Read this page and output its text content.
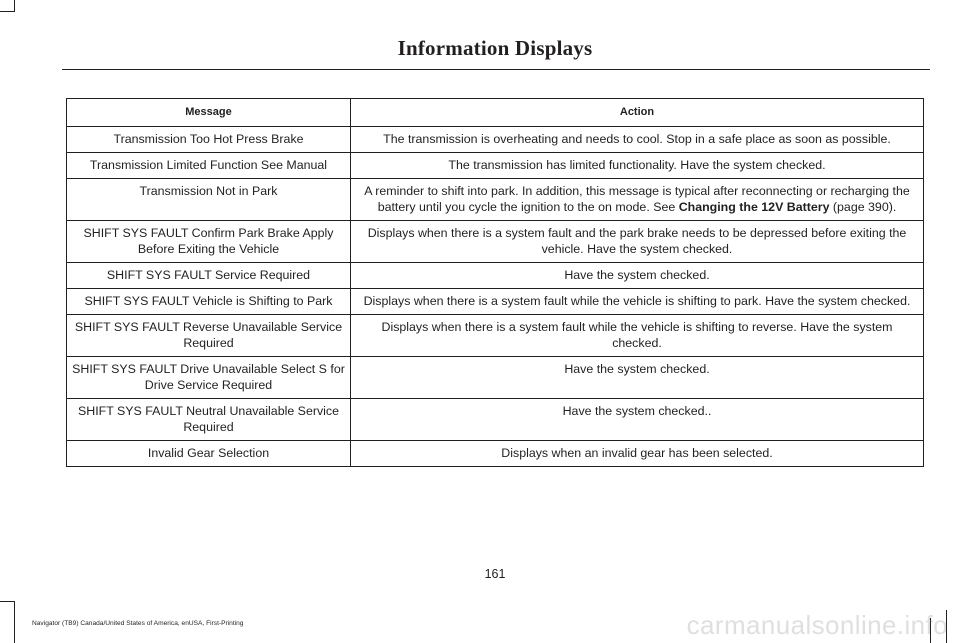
Information Displays
Message	Action
Transmission Too Hot Press Brake	The transmission is overheating and needs to cool. Stop in a safe place as soon as possible.
Transmission Limited Function See Manual	The transmission has limited functionality. Have the system checked.
Transmission Not in Park	A reminder to shift into park. In addition, this message is typical after reconnecting or recharging the battery until you cycle the ignition to the on mode. See Changing the 12V Battery (page 390).
SHIFT SYS FAULT Confirm Park Brake Apply Before Exiting the Vehicle	Displays when there is a system fault and the park brake needs to be depressed before exiting the vehicle. Have the system checked.
SHIFT SYS FAULT Service Required	Have the system checked.
SHIFT SYS FAULT Vehicle is Shifting to Park	Displays when there is a system fault while the vehicle is shifting to park. Have the system checked.
SHIFT SYS FAULT Reverse Unavailable Service Required	Displays when there is a system fault while the vehicle is shifting to reverse. Have the system checked.
SHIFT SYS FAULT Drive Unavailable Select S for Drive Service Required	Have the system checked.
SHIFT SYS FAULT Neutral Unavailable Service Required	Have the system checked..
Invalid Gear Selection	Displays when an invalid gear has been selected.
161
Navigator (TB9) Canada/United States of America, enUSA, First-Printing	carmanualsonline.info
